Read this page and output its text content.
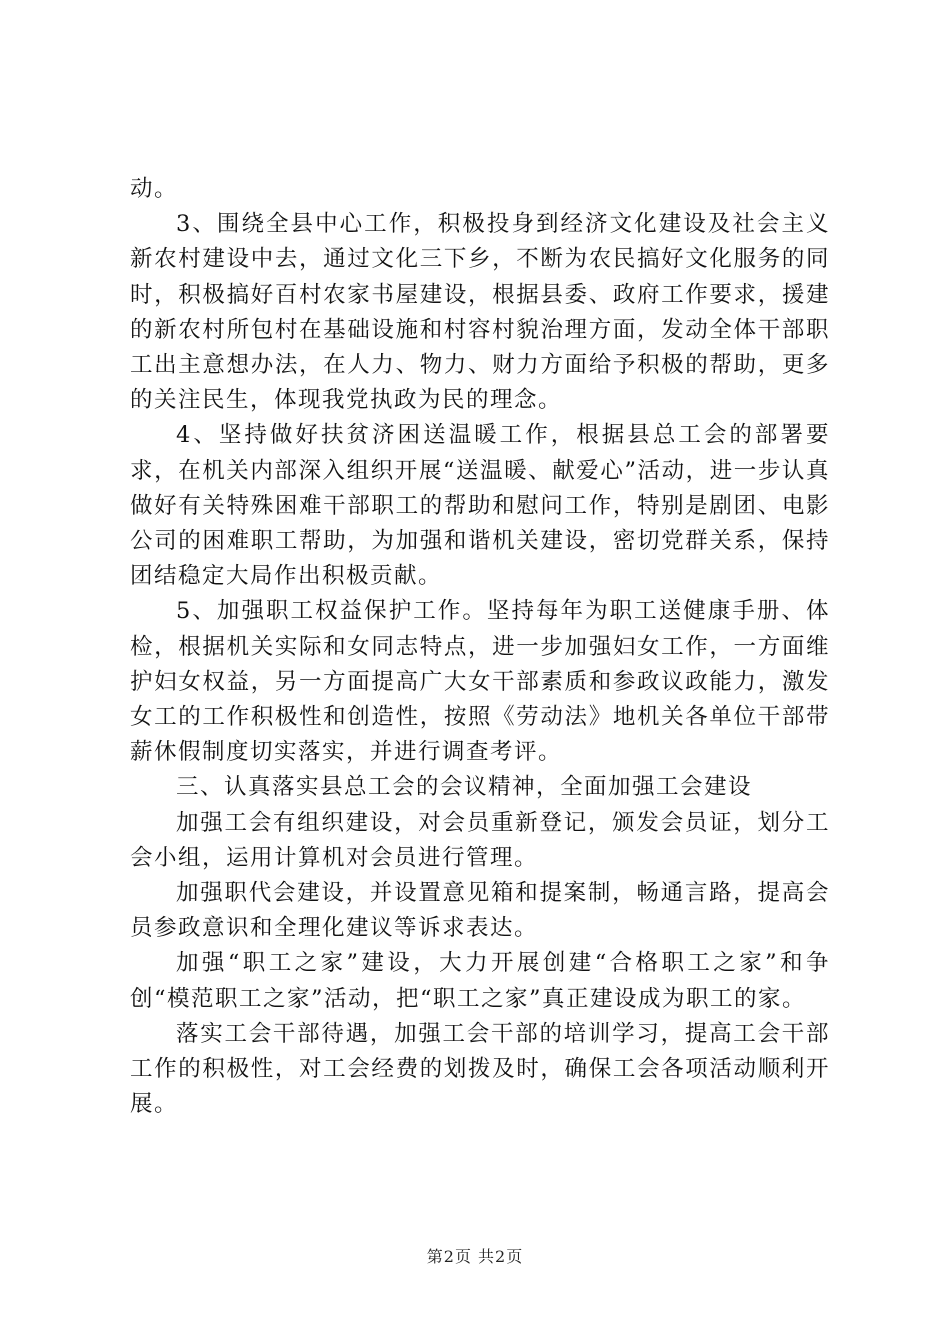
动。

3、围绕全县中心工作，积极投身到经济文化建设及社会主义新农村建设中去，通过文化三下乡，不断为农民搞好文化服务的同时，积极搞好百村农家书屋建设，根据县委、政府工作要求，援建的新农村所包村在基础设施和村容村貌治理方面，发动全体干部职工出主意想办法，在人力、物力、财力方面给予积极的帮助，更多的关注民生，体现我党执政为民的理念。

4、坚持做好扶贫济困送温暖工作，根据县总工会的部署要求，在机关内部深入组织开展“送温暖、献爱心”活动，进一步认真做好有关特殊困难干部职工的帮助和慰问工作，特别是剧团、电影公司的困难职工帮助，为加强和谐机关建设，密切党群关系，保持团结稳定大局作出积极贡献。

5、加强职工权益保护工作。坚持每年为职工送健康手册、体检，根据机关实际和女同志特点，进一步加强妇女工作，一方面维护妇女权益，另一方面提高广大女干部素质和参政议政能力，激发女工的工作积极性和创造性，按照《劳动法》地机关各单位干部带薪休假制度切实落实，并进行调查考评。

三、认真落实县总工会的会议精神，全面加强工会建设

加强工会有组织建设，对会员重新登记，颁发会员证，划分工会小组，运用计算机对会员进行管理。

加强职代会建设，并设置意见箱和提案制，畅通言路，提高会员参政意识和全理化建议等诉求表达。

加强“职工之家”建设，大力开展创建“合格职工之家”和争创“模范职工之家”活动，把“职工之家”真正建设成为职工的家。

落实工会干部待遇，加强工会干部的培训学习，提高工会干部工作的积极性，对工会经费的划拨及时，确保工会各项活动顺利开展。

第2页 共2页
